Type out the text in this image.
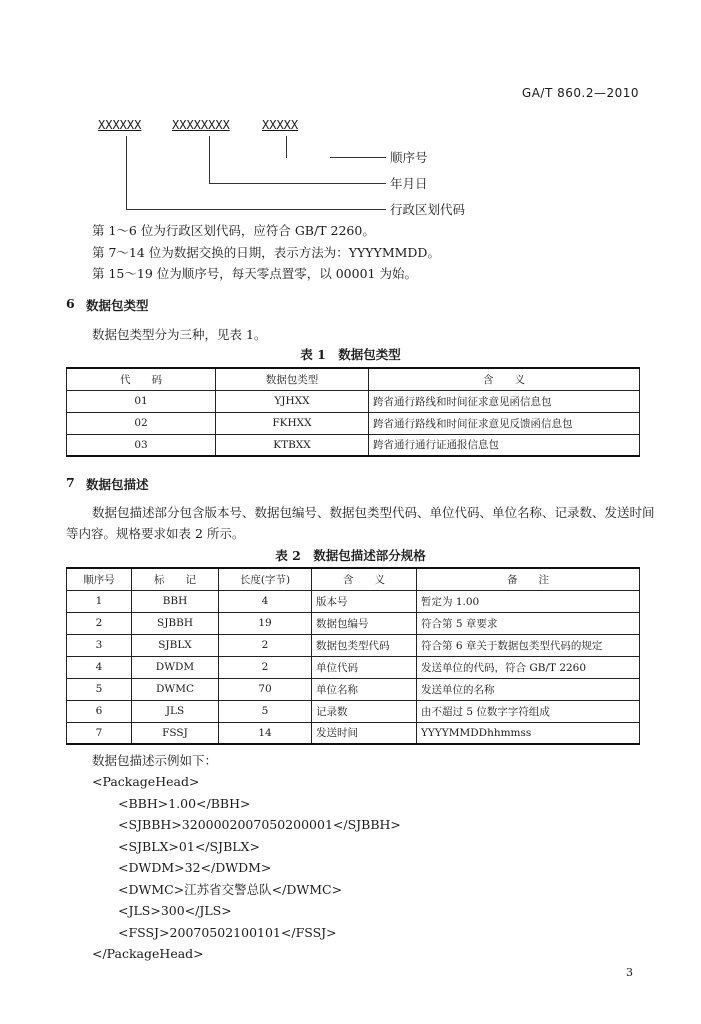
GA/T 860.2—2010
XXXXXX	XXXXXXXX	XXXXX
顺序号
年月日
行政区划代码
第 1～6 位为行政区划代码，应符合 GB/T 2260。
第 7～14 位为数据交换的日期，表示方法为：YYYYMMDD。
第 15～19 位为顺序号，每天零点置零，以 00001 为始。
6 数据包类型
数据包类型分为三种，见表 1。
表 1　数据包类型
代　　码	数据包类型	含　　义
01	YJHXX	跨省通行路线和时间征求意见函信息包
02	FKHXX	跨省通行路线和时间征求意见反馈函信息包
03	KTBXX	跨省通行通行证通报信息包
7 数据包描述
数据包描述部分包含版本号、数据包编号、数据包类型代码、单位代码、单位名称、记录数、发送时间
等内容。规格要求如表 2 所示。
表 2　数据包描述部分规格
顺序号	标　　记	长度(字节)	含　　义	备　　注
1	BBH	4	版本号	暂定为 1.00
2	SJBBH	19	数据包编号	符合第 5 章要求
3	SJBLX	2	数据包类型代码	符合第 6 章关于数据包类型代码的规定
4	DWDM	2	单位代码	发送单位的代码，符合 GB/T 2260
5	DWMC	70	单位名称	发送单位的名称
6	JLS	5	记录数	由不超过 5 位数字字符组成
7	FSSJ	14	发送时间	YYYYMMDDhhmmss
数据包描述示例如下：
<PackageHead>
<BBH>1.00</BBH>
<SJBBH>3200002007050200001</SJBBH>
<SJBLX>01</SJBLX>
<DWDM>32</DWDM>
<DWMC>江苏省交警总队</DWMC>
<JLS>300</JLS>
<FSSJ>20070502100101</FSSJ>
</PackageHead>
3
